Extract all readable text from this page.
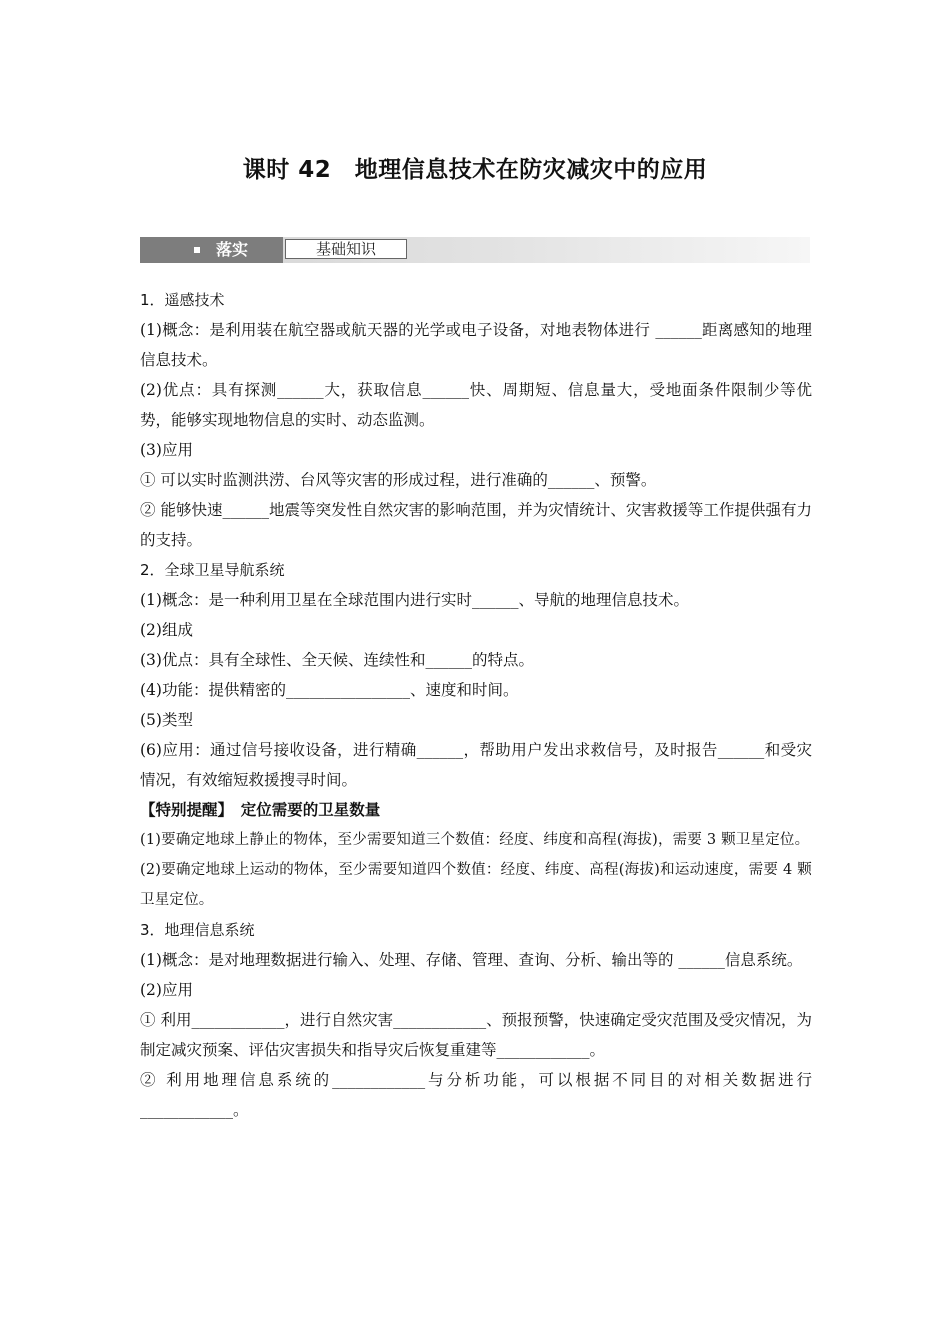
课时 42　地理信息技术在防灾减灾中的应用
落实	基础知识

1．遥感技术

(1)概念：是利用装在航空器或航天器的光学或电子设备，对地表物体进行 ______距离感知的地理信息技术。

(2)优点：具有探测______大，获取信息______快、周期短、信息量大，受地面条件限制少等优势，能够实现地物信息的实时、动态监测。

(3)应用

① 可以实时监测洪涝、台风等灾害的形成过程，进行准确的______、预警。

② 能够快速______地震等突发性自然灾害的影响范围，并为灾情统计、灾害救援等工作提供强有力的支持。

2．全球卫星导航系统

(1)概念：是一种利用卫星在全球范围内进行实时______、导航的地理信息技术。

(2)组成

(3)优点：具有全球性、全天候、连续性和______的特点。

(4)功能：提供精密的________________、速度和时间。

(5)类型

(6)应用：通过信号接收设备，进行精确______，帮助用户发出求救信号，及时报告______和受灾情况，有效缩短救援搜寻时间。

【特别提醒】　定位需要的卫星数量

(1)要确定地球上静止的物体，至少需要知道三个数值：经度、纬度和高程(海拔)，需要 3 颗卫星定位。

(2)要确定地球上运动的物体，至少需要知道四个数值：经度、纬度、高程(海拔)和运动速度，需要 4 颗卫星定位。

3．地理信息系统

(1)概念：是对地理数据进行输入、处理、存储、管理、查询、分析、输出等的 ______信息系统。

(2)应用

① 利用____________，进行自然灾害____________、预报预警，快速确定受灾范围及受灾情况，为制定减灾预案、评估灾害损失和指导灾后恢复重建等____________。

② 利用地理信息系统的____________与分析功能，可以根据不同目的对相关数据进行____________。
